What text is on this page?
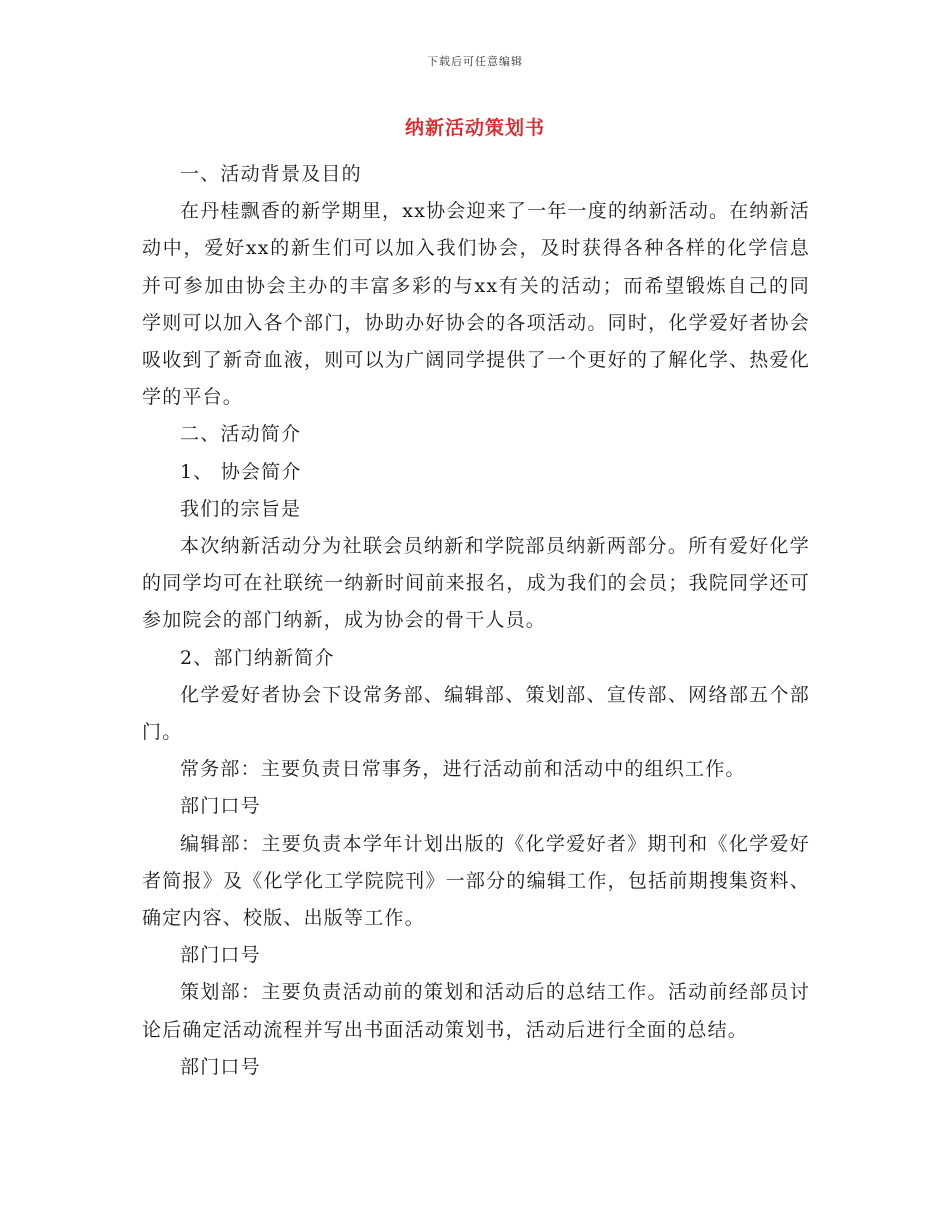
下载后可任意编辑
纳新活动策划书

一、活动背景及目的

在丹桂飘香的新学期里，xx协会迎来了一年一度的纳新活动。在纳新活动中，爱好xx的新生们可以加入我们协会，及时获得各种各样的化学信息并可参加由协会主办的丰富多彩的与xx有关的活动；而希望锻炼自己的同学则可以加入各个部门，协助办好协会的各项活动。同时，化学爱好者协会吸收到了新奇血液，则可以为广阔同学提供了一个更好的了解化学、热爱化学的平台。

二、活动简介

1、 协会简介

我们的宗旨是

本次纳新活动分为社联会员纳新和学院部员纳新两部分。所有爱好化学的同学均可在社联统一纳新时间前来报名，成为我们的会员；我院同学还可参加院会的部门纳新，成为协会的骨干人员。

2、部门纳新简介

化学爱好者协会下设常务部、编辑部、策划部、宣传部、网络部五个部门。

常务部：主要负责日常事务，进行活动前和活动中的组织工作。

部门口号

编辑部：主要负责本学年计划出版的《化学爱好者》期刊和《化学爱好者简报》及《化学化工学院院刊》一部分的编辑工作，包括前期搜集资料、确定内容、校版、出版等工作。

部门口号

策划部：主要负责活动前的策划和活动后的总结工作。活动前经部员讨论后确定活动流程并写出书面活动策划书，活动后进行全面的总结。

部门口号
